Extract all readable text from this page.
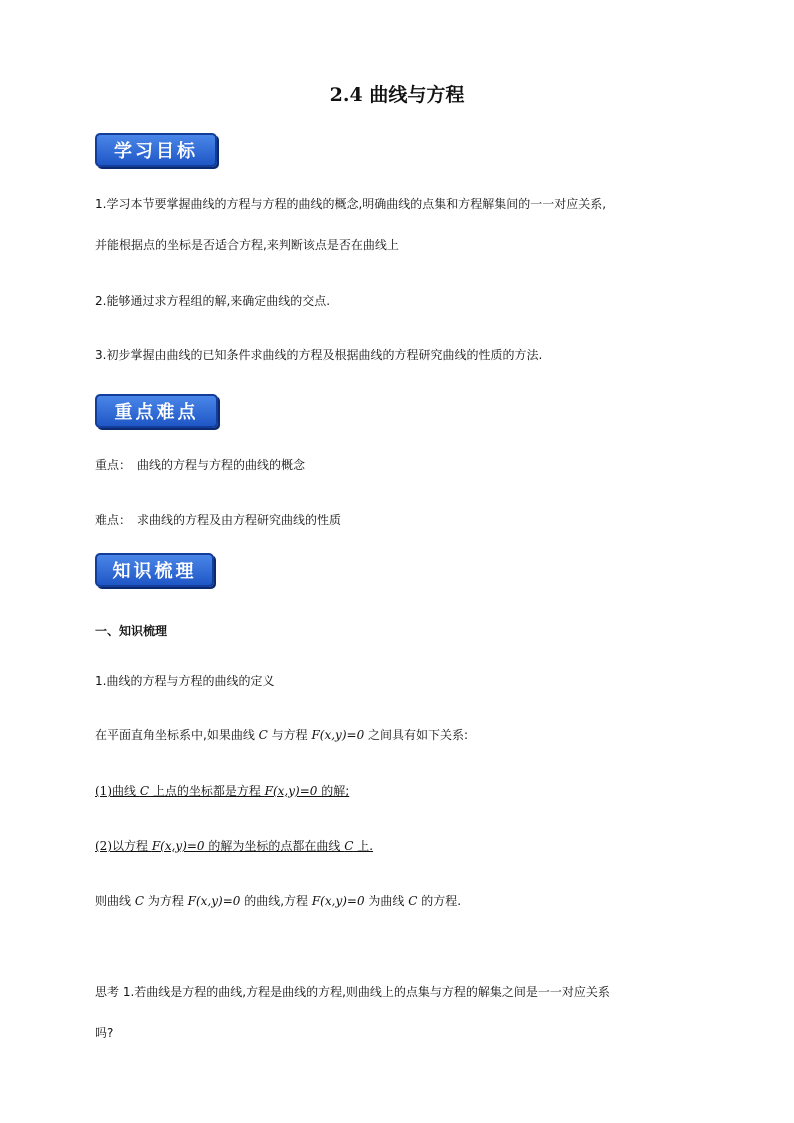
2.4 曲线与方程
学习目标
1.学习本节要掌握曲线的方程与方程的曲线的概念,明确曲线的点集和方程解集间的一一对应关系,
并能根据点的坐标是否适合方程,来判断该点是否在曲线上
2.能够通过求方程组的解,来确定曲线的交点.
3.初步掌握由曲线的已知条件求曲线的方程及根据曲线的方程研究曲线的性质的方法.
重点难点
重点： 曲线的方程与方程的曲线的概念
难点： 求曲线的方程及由方程研究曲线的性质
知识梳理
一、知识梳理
1.曲线的方程与方程的曲线的定义
在平面直角坐标系中,如果曲线 C 与方程 F(x,y)=0 之间具有如下关系:
(1)曲线 C 上点的坐标都是方程 F(x,y)=0 的解;
(2)以方程 F(x,y)=0 的解为坐标的点都在曲线 C 上.
则曲线 C 为方程 F(x,y)=0 的曲线,方程 F(x,y)=0 为曲线 C 的方程.
思考 1.若曲线是方程的曲线,方程是曲线的方程,则曲线上的点集与方程的解集之间是一一对应关系
吗?
